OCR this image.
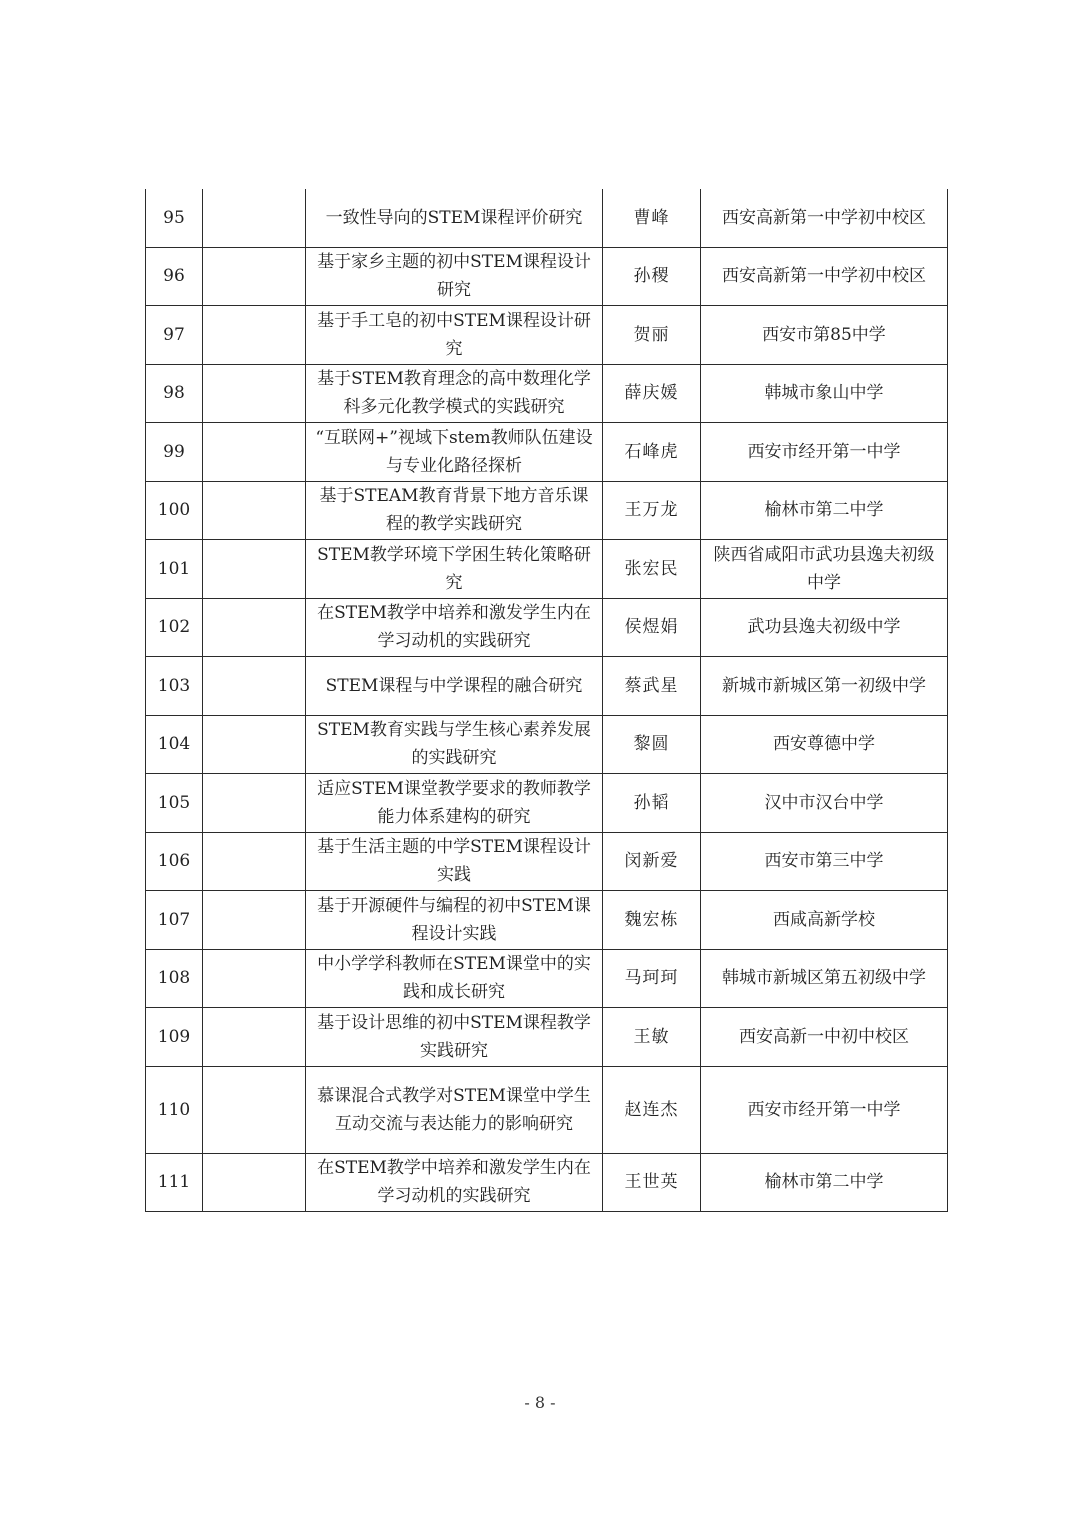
95		一致性导向的STEM课程评价研究	曹峰	西安高新第一中学初中校区
96		基于家乡主题的初中STEM课程设计研究	孙稷	西安高新第一中学初中校区
97		基于手工皂的初中STEM课程设计研究	贺丽	西安市第85中学
98		基于STEM教育理念的高中数理化学科多元化教学模式的实践研究	薛庆媛	韩城市象山中学
99		“互联网+”视域下stem教师队伍建设与专业化路径探析	石峰虎	西安市经开第一中学
100		基于STEAM教育背景下地方音乐课程的教学实践研究	王万龙	榆林市第二中学
101		STEM教学环境下学困生转化策略研究	张宏民	陕西省咸阳市武功县逸夫初级中学
102		在STEM教学中培养和激发学生内在学习动机的实践研究	侯煜娟	武功县逸夫初级中学
103		STEM课程与中学课程的融合研究	蔡武星	新城市新城区第一初级中学
104		STEM教育实践与学生核心素养发展的实践研究	黎圆	西安尊德中学
105		适应STEM课堂教学要求的教师教学能力体系建构的研究	孙韬	汉中市汉台中学
106		基于生活主题的中学STEM课程设计实践	闵新爱	西安市第三中学
107		基于开源硬件与编程的初中STEM课程设计实践	魏宏栋	西咸高新学校
108		中小学学科教师在STEM课堂中的实践和成长研究	马珂珂	韩城市新城区第五初级中学
109		基于设计思维的初中STEM课程教学实践研究	王敏	西安高新一中初中校区
110		慕课混合式教学对STEM课堂中学生互动交流与表达能力的影响研究	赵连杰	西安市经开第一中学
111		在STEM教学中培养和激发学生内在学习动机的实践研究	王世英	榆林市第二中学
- 8 -
